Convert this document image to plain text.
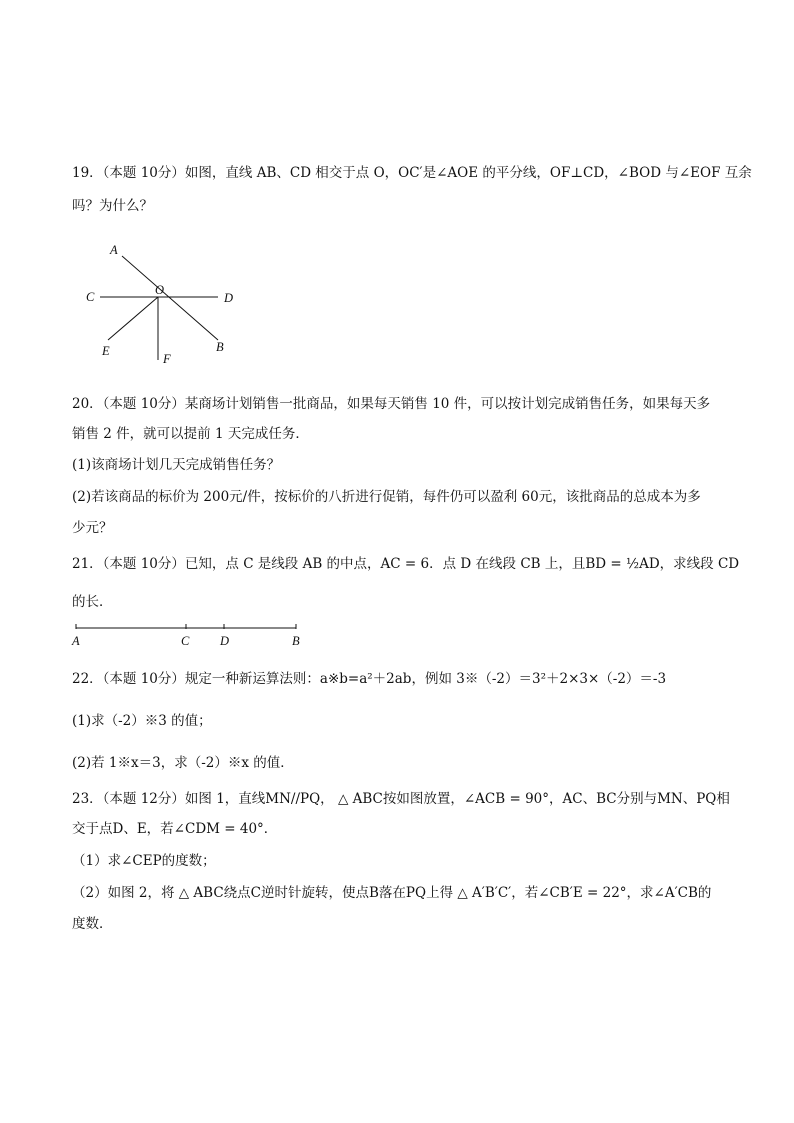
19．（本题 10分）如图，直线 AB、CD 相交于点 O，OC′是∠AOE 的平分线，OF⊥CD，∠BOD 与∠EOF 互余
吗？为什么？
A
O
C	D
E	B
F
20．（本题 10分）某商场计划销售一批商品，如果每天销售 10 件，可以按计划完成销售任务，如果每天多
销售 2 件，就可以提前 1 天完成任务．
(1)该商场计划几天完成销售任务？
(2)若该商品的标价为 200元/件，按标价的八折进行促销，每件仍可以盈利 60元，该批商品的总成本为多
少元？
21．（本题 10分）已知，点 C 是线段 AB 的中点，AC = 6．点 D 在线段 CB 上，且BD = ½AD，求线段 CD
的长．
A	C D	B
22．（本题 10分）规定一种新运算法则：a※b=a²＋2ab，例如 3※（-2）＝3²＋2×3×（-2）＝-3
(1)求（-2）※3 的值；
(2)若 1※x＝3，求（-2）※x 的值．
23．（本题 12分）如图 1，直线MN//PQ， △ ABC按如图放置，∠ACB = 90°，AC、BC分别与MN、PQ相
交于点D、E，若∠CDM = 40°．
（1）求∠CEP的度数；
（2）如图 2，将 △ ABC绕点C逆时针旋转，使点B落在PQ上得 △ A′B′C′，若∠CB′E = 22°，求∠A′CB的
度数．
